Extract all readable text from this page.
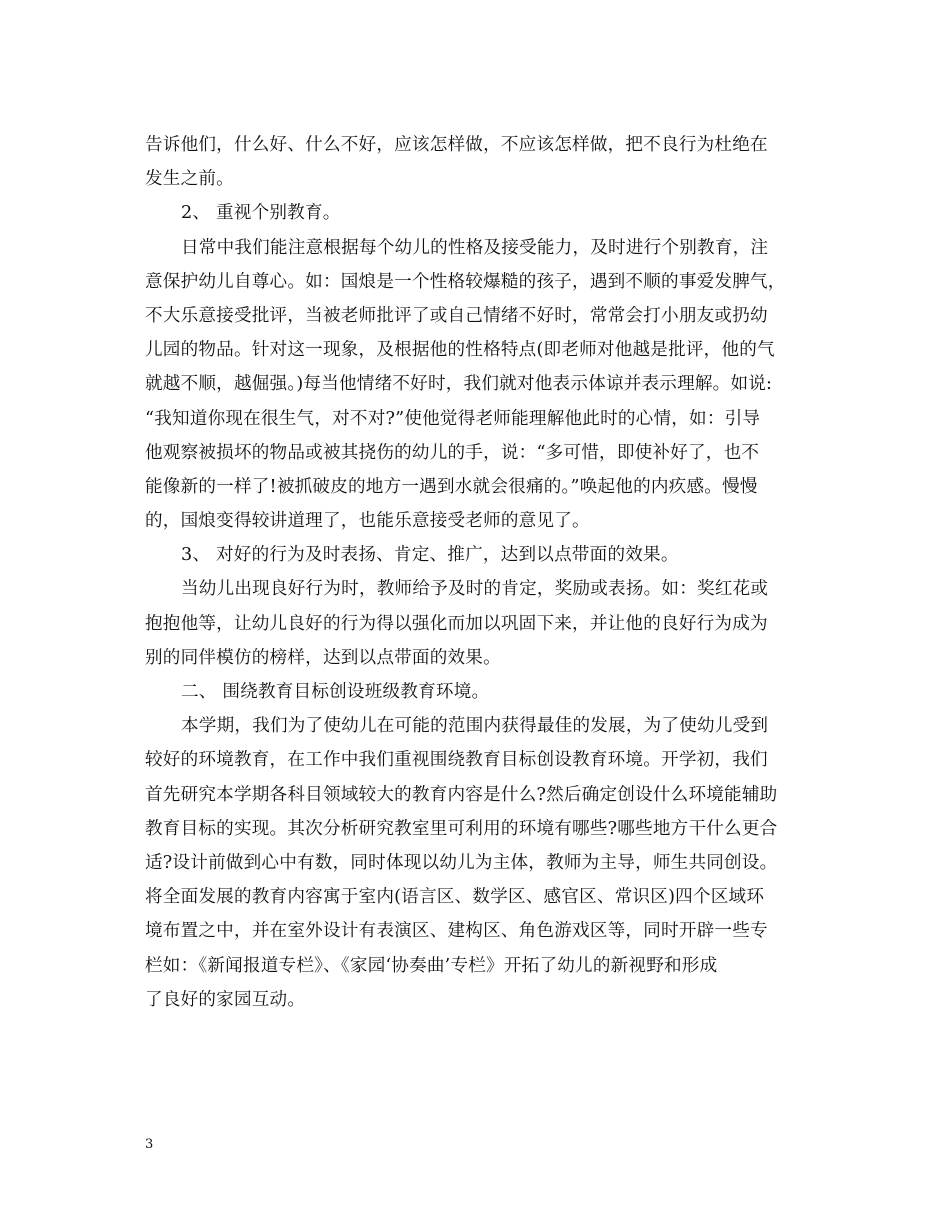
告诉他们，什么好、什么不好，应该怎样做，不应该怎样做，把不良行为杜绝在
发生之前。
2、 重视个别教育。
日常中我们能注意根据每个幼儿的性格及接受能力，及时进行个别教育，注
意保护幼儿自尊心。如：国烺是一个性格较爆糙的孩子，遇到不顺的事爱发脾气，
不大乐意接受批评，当被老师批评了或自己情绪不好时，常常会打小朋友或扔幼
儿园的物品。针对这一现象，及根据他的性格特点(即老师对他越是批评，他的气
就越不顺，越倔强。)每当他情绪不好时，我们就对他表示体谅并表示理解。如说:
“我知道你现在很生气，对不对?”使他觉得老师能理解他此时的心情，如：引导
他观察被损坏的物品或被其挠伤的幼儿的手，说：“多可惜，即使补好了，也不
能像新的一样了!被抓破皮的地方一遇到水就会很痛的。”唤起他的内疚感。慢慢
的，国烺变得较讲道理了，也能乐意接受老师的意见了。
3、 对好的行为及时表扬、肯定、推广，达到以点带面的效果。
当幼儿出现良好行为时，教师给予及时的肯定，奖励或表扬。如：奖红花或
抱抱他等，让幼儿良好的行为得以强化而加以巩固下来，并让他的良好行为成为
别的同伴模仿的榜样，达到以点带面的效果。
二、 围绕教育目标创设班级教育环境。
本学期，我们为了使幼儿在可能的范围内获得最佳的发展，为了使幼儿受到
较好的环境教育，在工作中我们重视围绕教育目标创设教育环境。开学初，我们
首先研究本学期各科目领域较大的教育内容是什么?然后确定创设什么环境能辅助
教育目标的实现。其次分析研究教室里可利用的环境有哪些?哪些地方干什么更合
适?设计前做到心中有数，同时体现以幼儿为主体，教师为主导，师生共同创设。
将全面发展的教育内容寓于室内(语言区、数学区、感官区、常识区)四个区域环
境布置之中，并在室外设计有表演区、建构区、角色游戏区等，同时开辟一些专
栏如：《新闻报道专栏》、《家园‘协奏曲’专栏》开拓了幼儿的新视野和形成
了良好的家园互动。
3
